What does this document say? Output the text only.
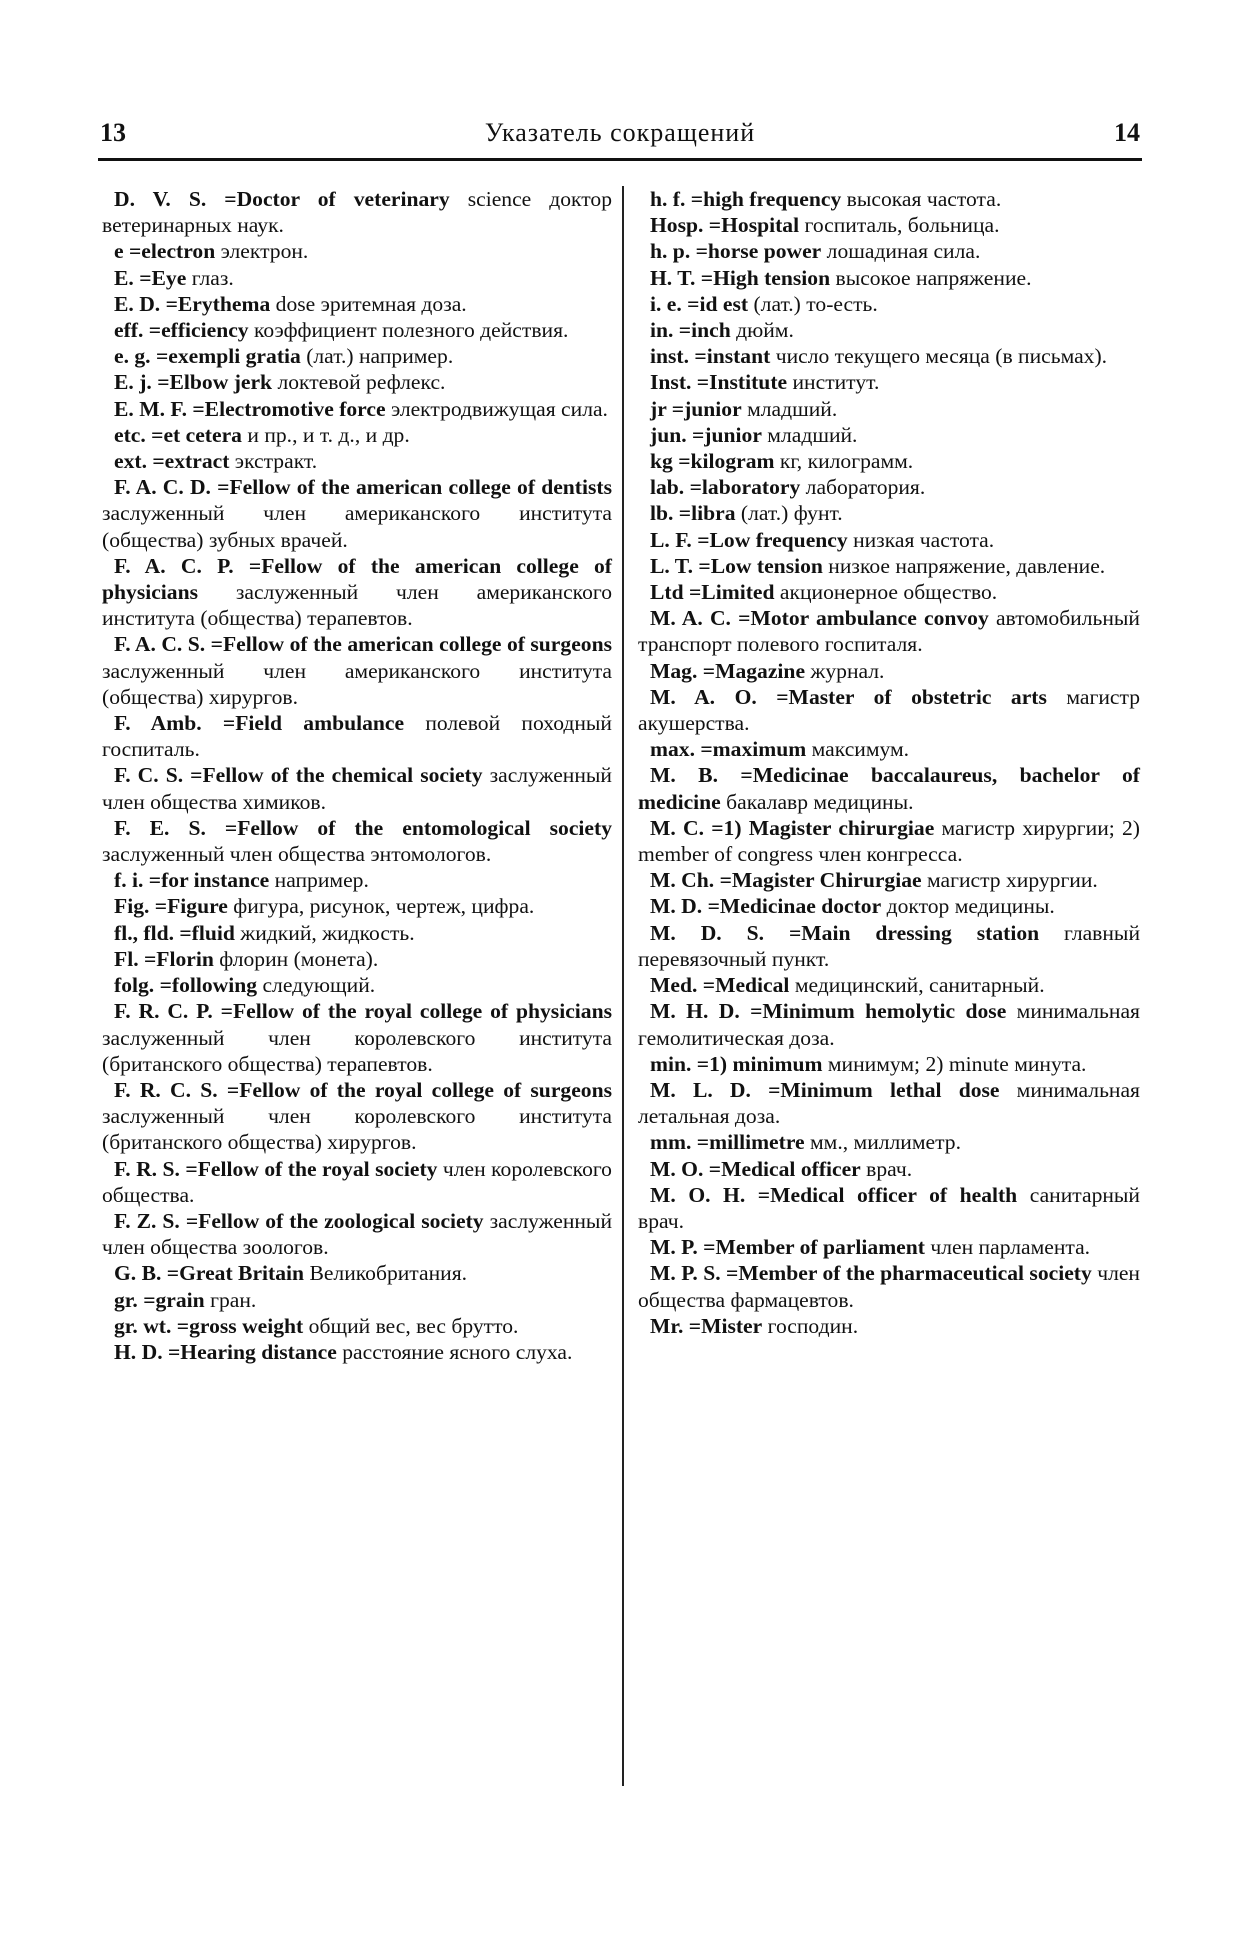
13	Указатель сокращений	14

D. V. S. =Doctor of veterinary science доктор ветеринарных наук.

e =electron электрон.

E. =Eye глаз.

E. D. =Erythema dose эритемная доза.

eff. =efficiency коэффициент полезного действия.

e. g. =exempli gratia (лат.) например.

E. j. =Elbow jerk локтевой рефлекс.

E. M. F. =Electromotive force электродвижущая сила.

etc. =et cetera и пр., и т. д., и др.

ext. =extract экстракт.

F. A. C. D. =Fellow of the american college of dentists заслуженный член американского института (общества) зубных врачей.

F. A. C. P. =Fellow of the american college of physicians заслуженный член американского института (общества) терапевтов.

F. A. C. S. =Fellow of the american college of surgeons заслуженный член американского института (общества) хирургов.

F. Amb. =Field ambulance полевой походный госпиталь.

F. C. S. =Fellow of the chemical society заслуженный член общества химиков.

F. E. S. =Fellow of the entomological society заслуженный член общества энтомологов.

f. i. =for instance например.

Fig. =Figure фигура, рисунок, чертеж, цифра.

fl., fld. =fluid жидкий, жидкость.

Fl. =Florin флорин (монета).

folg. =following следующий.

F. R. C. P. =Fellow of the royal college of physicians заслуженный член королевского института (британского общества) терапевтов.

F. R. C. S. =Fellow of the royal college of surgeons заслуженный член королевского института (британского общества) хирургов.

F. R. S. =Fellow of the royal society член королевского общества.

F. Z. S. =Fellow of the zoological society заслуженный член общества зоологов.

G. B. =Great Britain Великобритания.

gr. =grain гран.

gr. wt. =gross weight общий вес, вес брутто.

H. D. =Hearing distance расстояние ясного слуха.

h. f. =high frequency высокая частота.

Hosp. =Hospital госпиталь, больница.

h. p. =horse power лошадиная сила.

H. T. =High tension высокое напряжение.

i. e. =id est (лат.) то-есть.

in. =inch дюйм.

inst. =instant число текущего месяца (в письмах).

Inst. =Institute институт.

jr =junior младший.

jun. =junior младший.

kg =kilogram кг, килограмм.

lab. =laboratory лаборатория.

lb. =libra (лат.) фунт.

L. F. =Low frequency низкая частота.

L. T. =Low tension низкое напряжение, давление.

Ltd =Limited акционерное общество.

M. A. C. =Motor ambulance convoy автомобильный транспорт полевого госпиталя.

Mag. =Magazine журнал.

M. A. O. =Master of obstetric arts магистр акушерства.

max. =maximum максимум.

M. B. =Medicinae baccalaureus, bachelor of medicine бакалавр медицины.

M. C. =1) Magister chirurgiae магистр хирургии; 2) member of congress член конгресса.

M. Ch. =Magister Chirurgiae магистр хирургии.

M. D. =Medicinae doctor доктор медицины.

M. D. S. =Main dressing station главный перевязочный пункт.

Med. =Medical медицинский, санитарный.

M. H. D. =Minimum hemolytic dose минимальная гемолитическая доза.

min. =1) minimum минимум; 2) minute минута.

M. L. D. =Minimum lethal dose минимальная летальная доза.

mm. =millimetre мм., миллиметр.

M. O. =Medical officer врач.

M. O. H. =Medical officer of health санитарный врач.

M. P. =Member of parliament член парламента.

M. P. S. =Member of the pharmaceutical society член общества фармацевтов.

Mr. =Mister господин.
